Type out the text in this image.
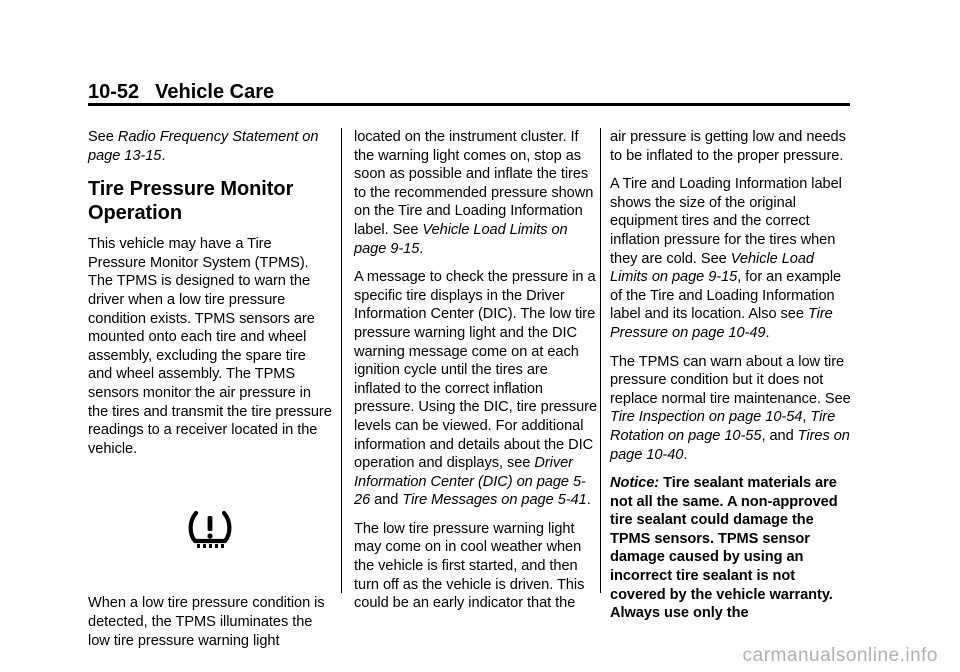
10-52 Vehicle Care

See Radio Frequency Statement on page 13-15.

Tire Pressure Monitor Operation

This vehicle may have a Tire Pressure Monitor System (TPMS). The TPMS is designed to warn the driver when a low tire pressure condition exists. TPMS sensors are mounted onto each tire and wheel assembly, excluding the spare tire and wheel assembly. The TPMS sensors monitor the air pressure in the tires and transmit the tire pressure readings to a receiver located in the vehicle.

When a low tire pressure condition is detected, the TPMS illuminates the low tire pressure warning light

located on the instrument cluster. If the warning light comes on, stop as soon as possible and inflate the tires to the recommended pressure shown on the Tire and Loading Information label. See Vehicle Load Limits on page 9-15.

A message to check the pressure in a specific tire displays in the Driver Information Center (DIC). The low tire pressure warning light and the DIC warning message come on at each ignition cycle until the tires are inflated to the correct inflation pressure. Using the DIC, tire pressure levels can be viewed. For additional information and details about the DIC operation and displays, see Driver Information Center (DIC) on page 5-26 and Tire Messages on page 5-41.

The low tire pressure warning light may come on in cool weather when the vehicle is first started, and then turn off as the vehicle is driven. This could be an early indicator that the

air pressure is getting low and needs to be inflated to the proper pressure.

A Tire and Loading Information label shows the size of the original equipment tires and the correct inflation pressure for the tires when they are cold. See Vehicle Load Limits on page 9-15, for an example of the Tire and Loading Information label and its location. Also see Tire Pressure on page 10-49.

The TPMS can warn about a low tire pressure condition but it does not replace normal tire maintenance. See Tire Inspection on page 10-54, Tire Rotation on page 10-55, and Tires on page 10-40.

Notice: Tire sealant materials are not all the same. A non-approved tire sealant could damage the TPMS sensors. TPMS sensor damage caused by using an incorrect tire sealant is not covered by the vehicle warranty. Always use only the

carmanualsonline.info
